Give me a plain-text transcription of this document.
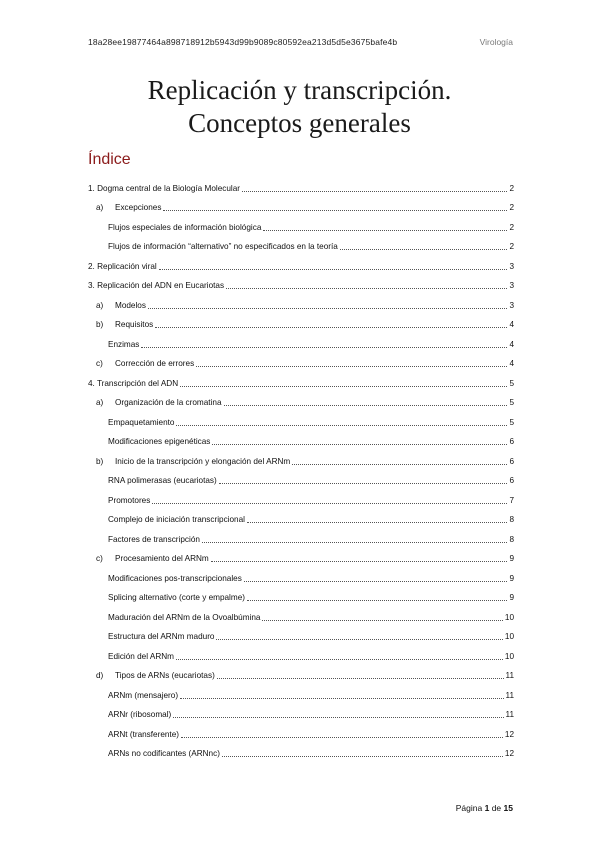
18a28ee19877464a898718912b5943d99b9089c80592ea213d5d5e3675bafe4b	Virología
Replicación y transcripción.
Conceptos generales
Índice
1. Dogma central de la Biología Molecular	2
a) Excepciones	2
Flujos especiales de información biológica	2
Flujos de información “alternativo” no especificados en la teoría	2
2. Replicación viral	3
3. Replicación del ADN en Eucariotas	3
a) Modelos	3
b) Requisitos	4
Enzimas	4
c) Corrección de errores	4
4. Transcripción del ADN	5
a) Organización de la cromatina	5
Empaquetamiento	5
Modificaciones epigenéticas	6
b) Inicio de la transcripción y elongación del ARNm	6
RNA polimerasas (eucariotas)	6
Promotores	7
Complejo de iniciación transcripcional	8
Factores de transcripción	8
c) Procesamiento del ARNm	9
Modificaciones pos-transcripcionales	9
Splicing alternativo (corte y empalme)	9
Maduración del ARNm de la Ovoalbúmina	10
Estructura del ARNm maduro	10
Edición del ARNm	10
d) Tipos de ARNs (eucariotas)	11
ARNm (mensajero)	11
ARNr (ribosomal)	11
ARNt (transferente)	12
ARNs no codificantes (ARNnc)	12
Página 1 de 15
